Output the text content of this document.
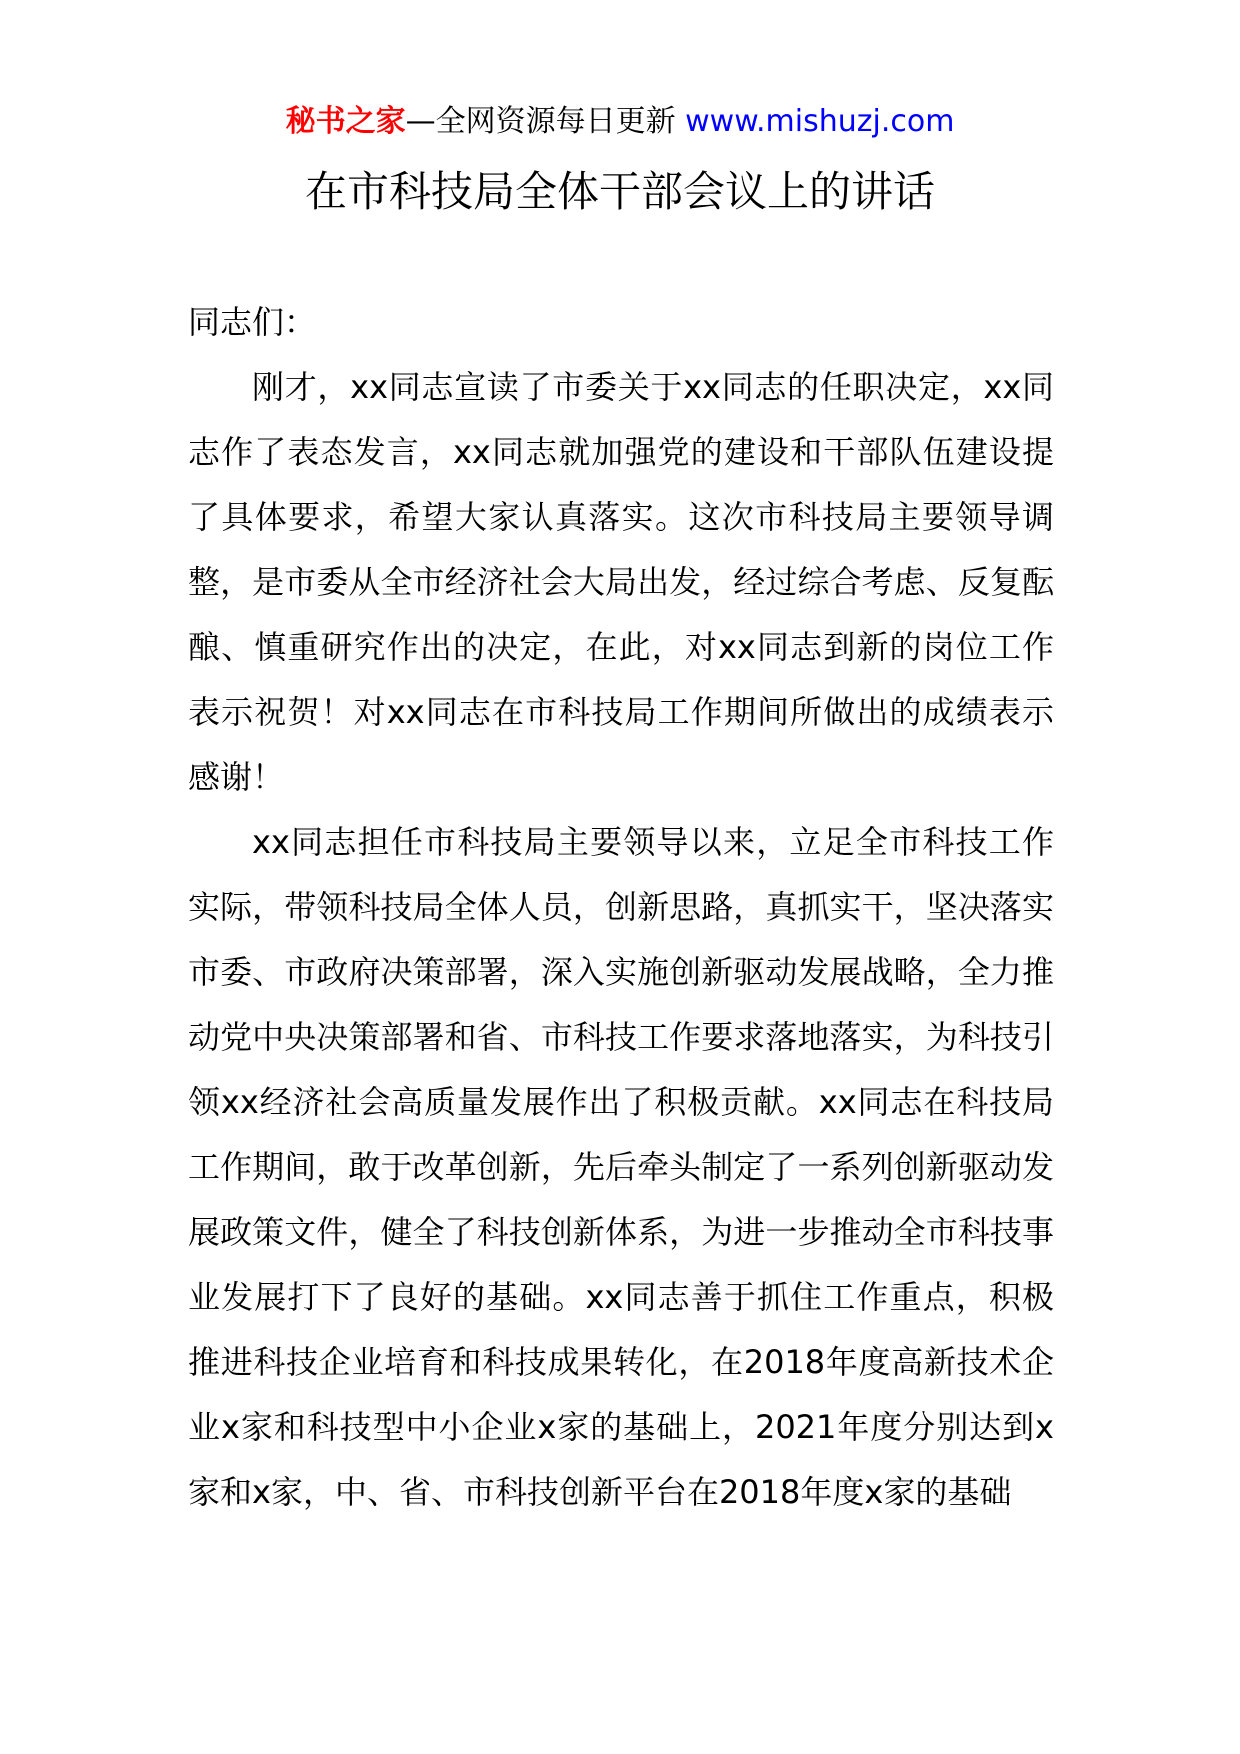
秘书之家—全网资源每日更新 www.mishuzj.com
在市科技局全体干部会议上的讲话

同志们：

刚才，xx同志宣读了市委关于xx同志的任职决定，xx同志作了表态发言，xx同志就加强党的建设和干部队伍建设提了具体要求，希望大家认真落实。这次市科技局主要领导调整，是市委从全市经济社会大局出发，经过综合考虑、反复酝酿、慎重研究作出的决定，在此，对xx同志到新的岗位工作表示祝贺！对xx同志在市科技局工作期间所做出的成绩表示感谢！

xx同志担任市科技局主要领导以来，立足全市科技工作实际，带领科技局全体人员，创新思路，真抓实干，坚决落实市委、市政府决策部署，深入实施创新驱动发展战略，全力推动党中央决策部署和省、市科技工作要求落地落实，为科技引领xx经济社会高质量发展作出了积极贡献。xx同志在科技局工作期间，敢于改革创新，先后牵头制定了一系列创新驱动发展政策文件，健全了科技创新体系，为进一步推动全市科技事业发展打下了良好的基础。xx同志善于抓住工作重点，积极推进科技企业培育和科技成果转化，在2018年度高新技术企业x家和科技型中小企业x家的基础上，2021年度分别达到x家和x家，中、省、市科技创新平台在2018年度x家的基础
